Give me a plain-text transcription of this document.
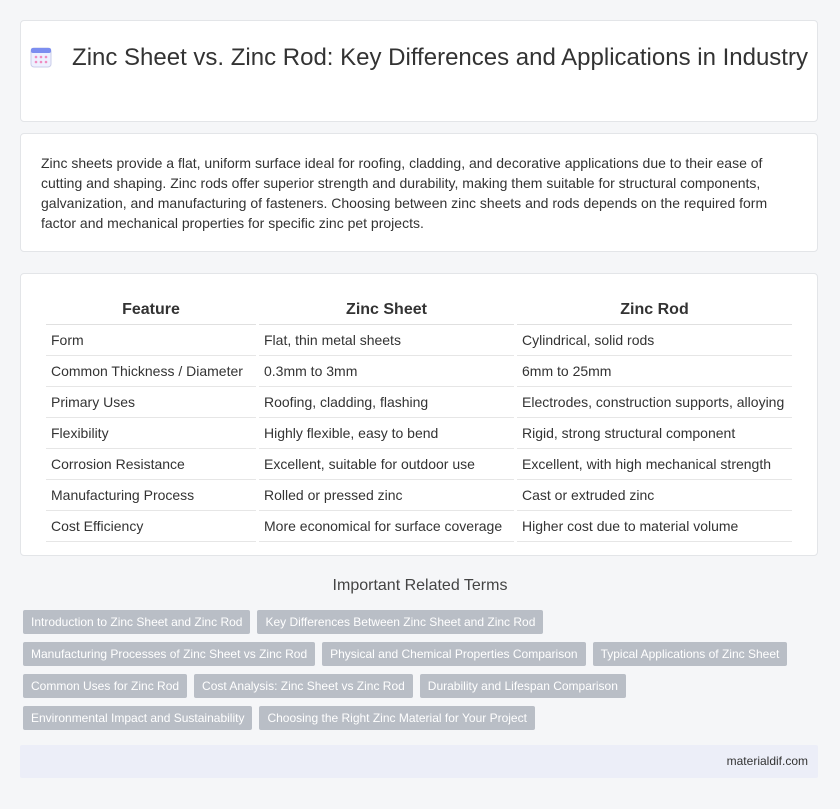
Zinc Sheet vs. Zinc Rod: Key Differences and Applications in Industry

Zinc sheets provide a flat, uniform surface ideal for roofing, cladding, and decorative applications due to their ease of cutting and shaping. Zinc rods offer superior strength and durability, making them suitable for structural components, galvanization, and manufacturing of fasteners. Choosing between zinc sheets and rods depends on the required form factor and mechanical properties for specific zinc pet projects.

Feature	Zinc Sheet	Zinc Rod
Form	Flat, thin metal sheets	Cylindrical, solid rods
Common Thickness / Diameter	0.3mm to 3mm	6mm to 25mm
Primary Uses	Roofing, cladding, flashing	Electrodes, construction supports, alloying
Flexibility	Highly flexible, easy to bend	Rigid, strong structural component
Corrosion Resistance	Excellent, suitable for outdoor use	Excellent, with high mechanical strength
Manufacturing Process	Rolled or pressed zinc	Cast or extruded zinc
Cost Efficiency	More economical for surface coverage	Higher cost due to material volume
Important Related Terms
Introduction to Zinc Sheet and Zinc Rod	Key Differences Between Zinc Sheet and Zinc Rod
Manufacturing Processes of Zinc Sheet vs Zinc Rod	Physical and Chemical Properties Comparison	Typical Applications of Zinc Sheet
Common Uses for Zinc Rod	Cost Analysis: Zinc Sheet vs Zinc Rod	Durability and Lifespan Comparison
Environmental Impact and Sustainability	Choosing the Right Zinc Material for Your Project
materialdif.com
